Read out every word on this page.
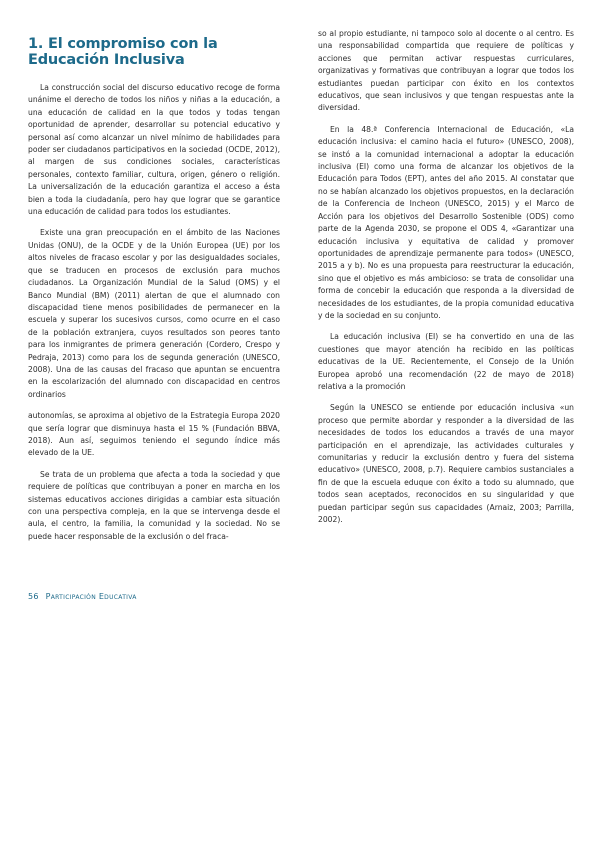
1. El compromiso con la Educación Inclusiva

La construcción social del discurso educativo recoge de forma unánime el derecho de todos los niños y niñas a la educación, a una educación de calidad en la que todos y todas tengan oportunidad de aprender, desarrollar su potencial educativo y personal así como alcanzar un nivel mínimo de habilidades para poder ser ciudadanos participativos en la sociedad (OCDE, 2012), al margen de sus condiciones sociales, características personales, contexto familiar, cultura, origen, género o religión. La universalización de la educación garantiza el acceso a ésta bien a toda la ciudadanía, pero hay que lograr que se garantice una educación de calidad para todos los estudiantes.

Existe una gran preocupación en el ámbito de las Naciones Unidas (ONU), de la OCDE y de la Unión Europea (UE) por los altos niveles de fracaso escolar y por las desigualdades sociales, que se traducen en procesos de exclusión para muchos ciudadanos. La Organización Mundial de la Salud (OMS) y el Banco Mundial (BM) (2011) alertan de que el alumnado con discapacidad tiene menos posibilidades de permanecer en la escuela y superar los sucesivos cursos, como ocurre en el caso de la población extranjera, cuyos resultados son peores tanto para los inmigrantes de primera generación (Cordero, Crespo y Pedraja, 2013) como para los de segunda generación (UNESCO, 2008). Una de las causas del fracaso que apuntan se encuentra en la escolarización del alumnado con discapacidad en centros ordinarios

autonomías, se aproxima al objetivo de la Estrategia Europa 2020 que sería lograr que disminuya hasta el 15 % (Fundación BBVA, 2018). Aun así, seguimos teniendo el segundo índice más elevado de la UE.

Se trata de un problema que afecta a toda la sociedad y que requiere de políticas que contribuyan a poner en marcha en los sistemas educativos acciones dirigidas a cambiar esta situación con una perspectiva compleja, en la que se intervenga desde el aula, el centro, la familia, la comunidad y la sociedad. No se puede hacer responsable de la exclusión o del fraca-

so al propio estudiante, ni tampoco solo al docente o al centro. Es una responsabilidad compartida que requiere de políticas y acciones que permitan activar respuestas curriculares, organizativas y formativas que contribuyan a lograr que todos los estudiantes puedan participar con éxito en los contextos educativos, que sean inclusivos y que tengan respuestas ante la diversidad.

En la 48.ª Conferencia Internacional de Educación, «La educación inclusiva: el camino hacia el futuro» (UNESCO, 2008), se instó a la comunidad internacional a adoptar la educación inclusiva (EI) como una forma de alcanzar los objetivos de la Educación para Todos (EPT), antes del año 2015. Al constatar que no se habían alcanzado los objetivos propuestos, en la declaración de la Conferencia de Incheon (UNESCO, 2015) y el Marco de Acción para los objetivos del Desarrollo Sostenible (ODS) como parte de la Agenda 2030, se propone el ODS 4, «Garantizar una educación inclusiva y equitativa de calidad y promover oportunidades de aprendizaje permanente para todos» (UNESCO, 2015 a y b). No es una propuesta para reestructurar la educación, sino que el objetivo es más ambicioso: se trata de consolidar una forma de concebir la educación que responda a la diversidad de necesidades de los estudiantes, de la propia comunidad educativa y de la sociedad en su conjunto.

La educación inclusiva (EI) se ha convertido en una de las cuestiones que mayor atención ha recibido en las políticas educativas de la UE. Recientemente, el Consejo de la Unión Europea aprobó una recomendación (22 de mayo de 2018) relativa a la promoción

Según la UNESCO se entiende por educación inclusiva «un proceso que permite abordar y responder a la diversidad de las necesidades de todos los educandos a través de una mayor participación en el aprendizaje, las actividades culturales y comunitarias y reducir la exclusión dentro y fuera del sistema educativo» (UNESCO, 2008, p.7). Requiere cambios sustanciales a fin de que la escuela eduque con éxito a todo su alumnado, que todos sean aceptados, reconocidos en su singularidad y que puedan participar según sus capacidades (Arnaiz, 2003; Parrilla, 2002).

56 Participación Educativa
